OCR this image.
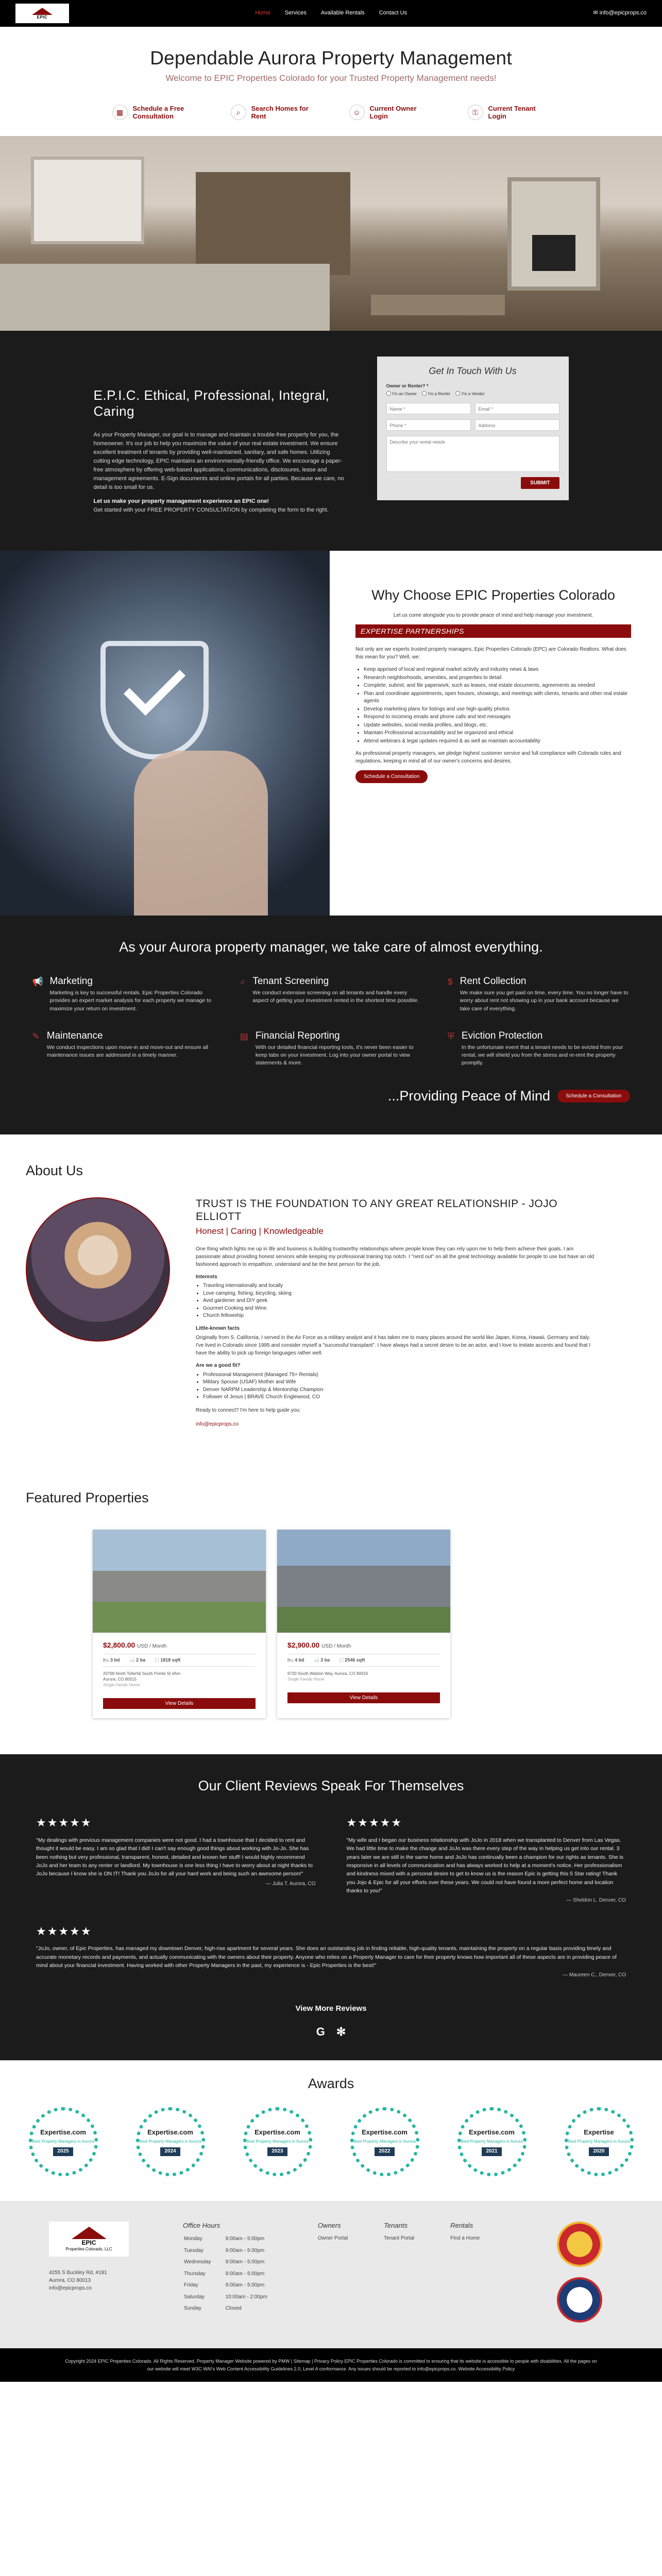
EPIC
Home	Services	Available Rentals	Contact Us	✉ info@epicprops.co
Dependable Aurora Property Management
Welcome to EPIC Properties Colorado for your Trusted Property Management needs!
▦	Schedule a Free Consultation	⌕	Search Homes for Rent	☺	Current Owner Login	⚿	Current Tenant Login
E.P.I.C. Ethical, Professional, Integral, Caring

As your Property Manager, our goal is to manage and maintain a trouble-free property for you, the homeowner. It's our job to help you maximize the value of your real estate investment. We ensure excellent treatment of tenants by providing well-maintained, sanitary, and safe homes. Utilizing cutting edge technology, EPIC maintains an environmentally-friendly office. We encourage a paper-free atmosphere by offering web-based applications, communications, disclosures, lease and management agreements. E-Sign documents and online portals for all parties. Because we care, no detail is too small for us.

Let us make your property management experience an EPIC one!
Get started with your FREE PROPERTY CONSULTATION by completing the form to the right.

Get In Touch With Us
Owner or Renter? *
I'm an Owner	I'm a Renter	I'm a Vendor
Name *	Email *
Phone *	Address
Describe your rental needs
SUBMIT
Why Choose EPIC Properties Colorado
Let us come alongside you to provide peace of mind and help manage your investment.
EXPERTISE PARTNERSHIPS

Not only are we experts trusted property managers, Epic Properties Colorado (EPC) are Colorado Realtors. What does this mean for you? Well, we:

• Keep apprised of local and regional market activity and industry news & laws
• Research neighborhoods, amenities, and properties to detail
• Complete, submit, and file paperwork, such as leases, real estate documents, agreements as needed
• Plan and coordinate appointments, open houses, showings, and meetings with clients, tenants and other real estate agents
• Develop marketing plans for listings and use high-quality photos
• Respond to incoming emails and phone calls and text messages
• Update websites, social media profiles, and blogs, etc.
• Maintain Professional accountability and be organized and ethical
• Attend webinars & legal updates required & as well as maintain accountability

As professional property managers, we pledge highest customer service and full compliance with Colorado rules and regulations, keeping in mind all of our owner's concerns and desires.

Schedule a Consultation
As your Aurora property manager, we take care of almost everything.
📢 Marketing

Marketing is key to successful rentals. Epic Properties Colorado provides an expert market analysis for each property we manage to maximize your return on investment.

⌕ Tenant Screening

We conduct extensive screening on all tenants and handle every aspect of getting your investment rented in the shortest time possible.

$ Rent Collection

We make sure you get paid on time, every time. You no longer have to worry about rent not showing up in your bank account because we take care of everything.

✎ Maintenance

We conduct inspections upon move-in and move-out and ensure all maintenance issues are addressed in a timely manner.

▤ Financial Reporting

With our detailed financial reporting tools, it's never been easier to keep tabs on your investment. Log into your owner portal to view statements & more.

⛨ Eviction Protection

In the unfortunate event that a tenant needs to be evicted from your rental, we will shield you from the stress and re-rent the property promptly.

...Providing Peace of Mind	Schedule a Consultation
About Us
TRUST IS THE FOUNDATION TO ANY GREAT RELATIONSHIP - JOJO ELLIOTT
Honest | Caring | Knowledgeable

One thing which lights me up in life and business is building trustworthy relationships where people know they can rely upon me to help them achieve their goals. I am passionate about providing honest services while keeping my professional training top notch. I "nerd out" on all the great technology available for people to use but have an old fashioned approach to empathize, understand and be the best person for the job.

Interests
• Traveling internationally and locally
• Love camping, fishing, bicycling, skiing
• Avid gardener and DIY geek
• Gourmet Cooking and Wine
• Church fellowship
Little-known facts

Originally from S. California, I served in the Air Force as a military analyst and it has taken me to many places around the world like Japan, Korea, Hawaii, Germany and Italy. I've lived in Colorado since 1995 and consider myself a "successful transplant". I have always had a secret desire to be an actor, and I love to imitate accents and found that I have the ability to pick up foreign languages rather well.

Are we a good fit?
• Professional Management (Managed 75+ Rentals)
• Military Spouse (USAF) Mother and Wife
• Denver NARPM Leadership & Mentorship Champion
• Follower of Jesus | BRAVE Church Englewood, CO

Ready to connect? I'm here to help guide you:

info@epicprops.co
Featured Properties
$2,800.00 USD / Month
🛏 3 bd 🛁 2 ba ⬚ 1818 sqft
20768 North Tollerfal South Pointe St #Am
Aurora, CO 80015
Single Family Home
View Details
$2,900.00 USD / Month
🛏 4 bd 🛁 3 ba ⬚ 2546 sqft
6730 South Waldon Way, Aurora, CO 80016
Single Family Home
View Details
Our Client Reviews Speak For Themselves
★★★★★

"My dealings with previous management companies were not good. I had a townhouse that I decided to rent and thought it would be easy. I am so glad that I did! I can't say enough good things about working with Jo-Jo. She has been nothing but very professional, transparent, honest, detailed and known her stuff! I would highly recommend JoJo and her team to any renter or landlord. My townhouse is one less thing I have to worry about at night thanks to JoJo because I know she is ON IT! Thank you JoJo for all your hard work and being such an awesome person!"

— Julia T. Aurora, CO
★★★★★

"My wife and I began our business relationship with JoJo in 2018 when we transplanted to Denver from Las Vegas. We had little time to make the change and JoJo was there every step of the way in helping us get into our rental. 3 years later we are still in the same home and JoJo has continually been a champion for our rights as tenants. She is responsive in all levels of communication and has always worked to help at a moment's notice. Her professionalism and kindness mixed with a personal desire to get to know us is the reason Epic is getting this 5 Star rating! Thank you Jojo & Epic for all your efforts over these years. We could not have found a more perfect home and location thanks to you!"

— Sheldon L. Denver, CO
★★★★★

"JoJo, owner, of Epic Properties, has managed my downtown Denver, high-rise apartment for several years. She does an outstanding job in finding reliable, high-quality tenants, maintaining the property on a regular basis providing timely and accurate monetary records and payments, and actually communicating with the owners about their property. Anyone who relies on a Property Manager to care for their property knows how important all of these aspects are in providing peace of mind about your financial investment. Having worked with other Property Managers in the past, my experience is - Epic Properties is the best!"

— Maureen C., Denver, CO
View More Reviews
G ✻
Awards
Expertise.com
Best Property Managers in Aurora
2025
Expertise.com
Best Property Managers in Aurora
2024
Expertise.com
Best Property Managers in Aurora
2023
Expertise.com
Best Property Managers in Aurora
2022
Expertise.com
Best Property Managers in Aurora
2021
Expertise
Best Property Managers in Aurora
2020
EPIC
Properties Colorado, LLC

4255 S Buckley Rd, #181

Aurora, CO 80013

info@epicprops.co
Office Hours
Monday	9:00am - 5:00pm
Tuesday	9:00am - 5:00pm
Wednesday	9:00am - 5:00pm
Thursday	9:00am - 5:00pm
Friday	9:00am - 5:00pm
Saturday	10:00am - 2:00pm
Sunday	Closed
Owners
Owner Portal
Tenants
Tenant Portal
Rentals
Find a Home
Copyright 2024 EPIC Properties Colorado. All Rights Reserved. Property Manager Website powered by PMW | Sitemap | Privacy Policy EPIC Properties Colorado is committed to ensuring that its website is accessible to people with disabilities. All the pages on our website will meet W3C WAI's Web Content Accessibility Guidelines 2.0, Level A conformance. Any issues should be reported to info@epicprops.co. Website Accessibility Policy
